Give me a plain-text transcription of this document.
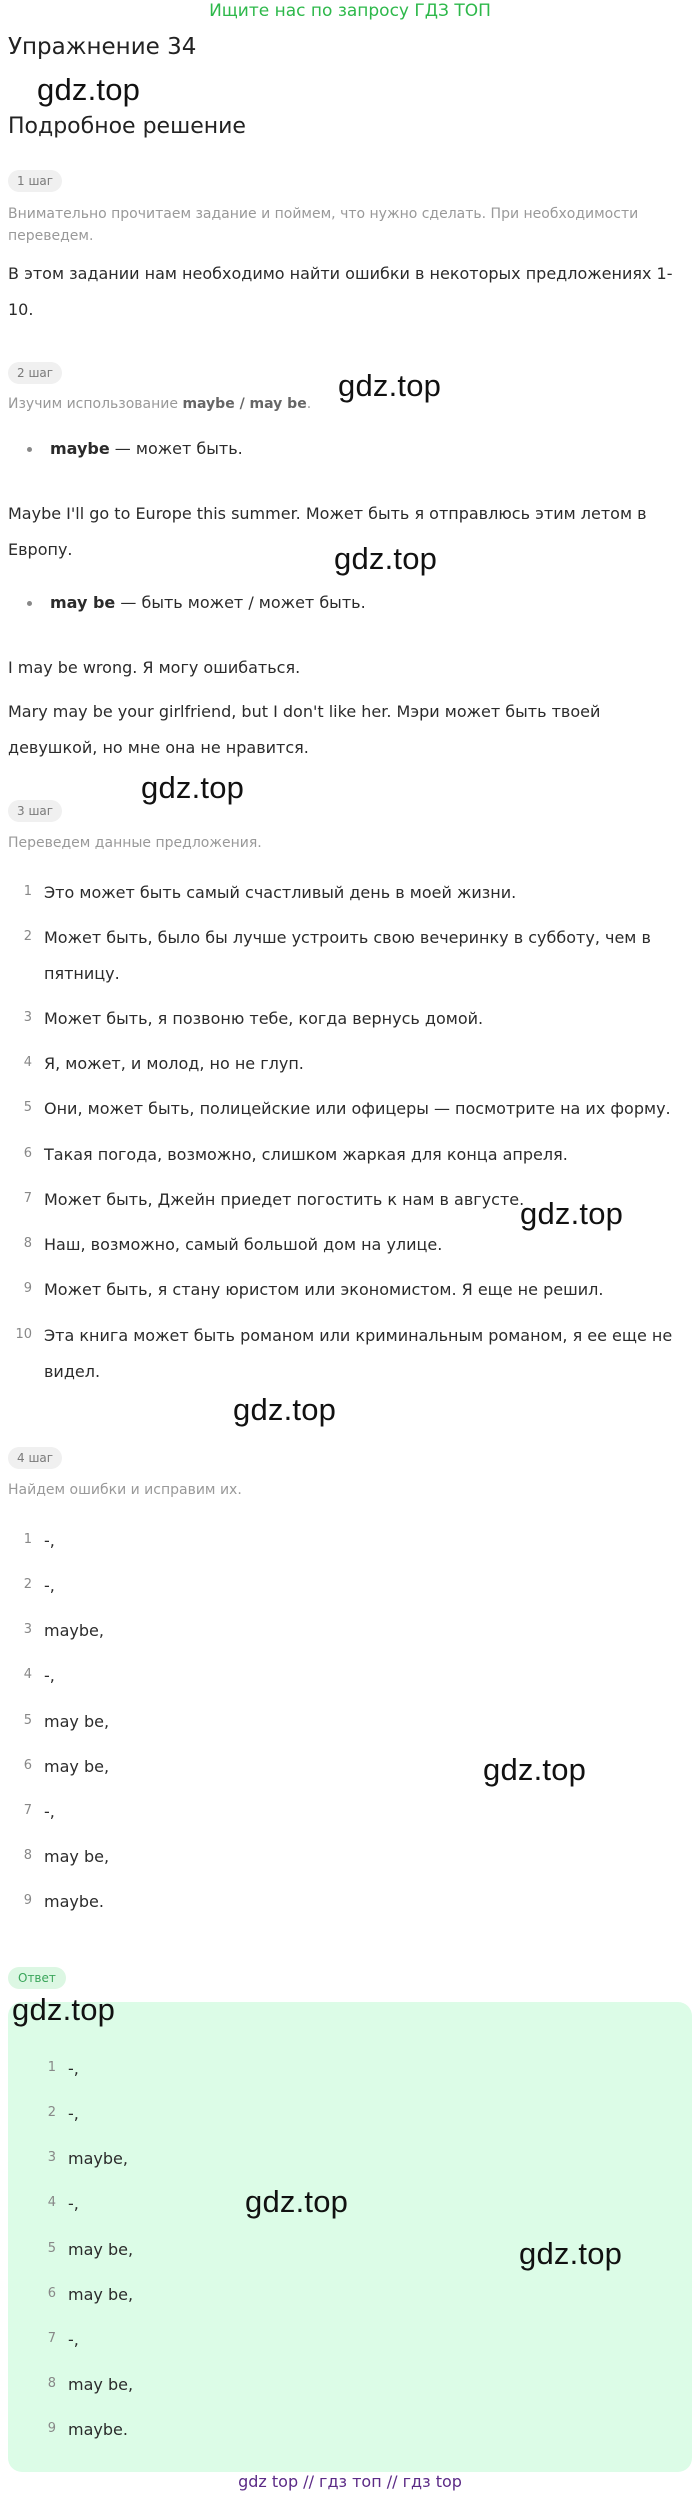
Ищите нас по запросу ГДЗ ТОП
Упражнение 34
gdz.top
Подробное решение
1 шаг
Внимательно прочитаем задание и поймем, что нужно сделать. При необходимости переведем.
В этом задании нам необходимо найти ошибки в некоторых предложениях 1-10.
2 шаг	gdz.top
Изучим использование maybe / may be.
maybe — может быть.
Maybe I'll go to Europe this summer. Может быть я отправлюсь этим летом в Европу.	gdz.top
may be — быть может / может быть.
I may be wrong. Я могу ошибаться.
Mary may be your girlfriend, but I don't like her. Мэри может быть твоей девушкой, но мне она не нравится.
gdz.top
3 шаг
Переведем данные предложения.
1 Это может быть самый счастливый день в моей жизни.
2 Может быть, было бы лучше устроить свою вечеринку в субботу, чем в пятницу.
3 Может быть, я позвоню тебе, когда вернусь домой.
4 Я, может, и молод, но не глуп.
5 Они, может быть, полицейские или офицеры — посмотрите на их форму.
6 Такая погода, возможно, слишком жаркая для конца апреля.
7 Может быть, Джейн приедет погостить к нам в августе.
gdz.top
8 Наш, возможно, самый большой дом на улице.
9 Может быть, я стану юристом или экономистом. Я еще не решил.
10 Эта книга может быть романом или криминальным романом, я ее еще не видел.
gdz.top
4 шаг
Найдем ошибки и исправим их.
1 -,
2 -,
3 maybe,
4 -,
5 may be,
6 may be,	gdz.top
7 -,
8 may be,
9 maybe.
Ответ
gdz.top
1 -,
2 -,
3 maybe,
4 -,	gdz.top
5 may be,	gdz.top
6 may be,
7 -,
8 may be,
9 maybe.
gdz top // гдз топ // гдз top
